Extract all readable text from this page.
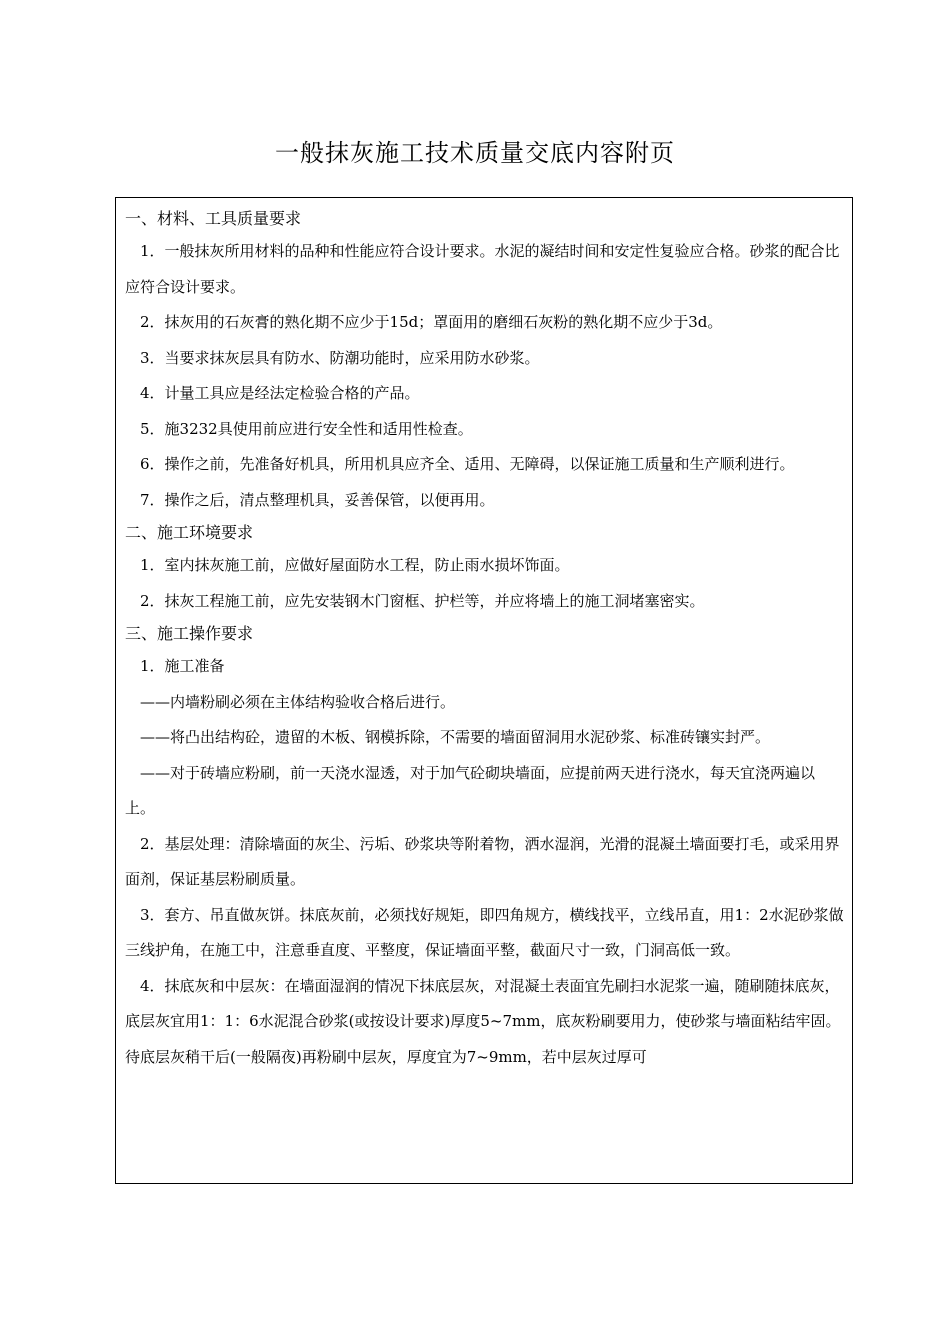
一般抹灰施工技术质量交底内容附页
一、材料、工具质量要求

1．一般抹灰所用材料的品种和性能应符合设计要求。水泥的凝结时间和安定性复验应合格。砂浆的配合比应符合设计要求。

2．抹灰用的石灰膏的熟化期不应少于15d；罩面用的磨细石灰粉的熟化期不应少于3d。

3．当要求抹灰层具有防水、防潮功能时，应采用防水砂浆。

4．计量工具应是经法定检验合格的产品。

5．施3232具使用前应进行安全性和适用性检查。

6．操作之前，先准备好机具，所用机具应齐全、适用、无障碍，以保证施工质量和生产顺利进行。

7．操作之后，清点整理机具，妥善保管，以便再用。

二、施工环境要求

1．室内抹灰施工前，应做好屋面防水工程，防止雨水损坏饰面。

2．抹灰工程施工前，应先安装钢木门窗框、护栏等，并应将墙上的施工洞堵塞密实。

三、施工操作要求

1．施工准备

——内墙粉刷必须在主体结构验收合格后进行。

——将凸出结构砼，遗留的木板、钢模拆除，不需要的墙面留洞用水泥砂浆、标准砖镶实封严。

——对于砖墙应粉刷，前一天浇水湿透，对于加气砼砌块墙面，应提前两天进行浇水，每天宜浇两遍以上。

2．基层处理：清除墙面的灰尘、污垢、砂浆块等附着物，洒水湿润，光滑的混凝土墙面要打毛，或采用界面剂，保证基层粉刷质量。

3．套方、吊直做灰饼。抹底灰前，必须找好规矩，即四角规方，横线找平，立线吊直，用1：2水泥砂浆做三线护角，在施工中，注意垂直度、平整度，保证墙面平整，截面尺寸一致，门洞高低一致。

4．抹底灰和中层灰：在墙面湿润的情况下抹底层灰，对混凝土表面宜先刷扫水泥浆一遍，随刷随抹底灰，底层灰宜用1：1：6水泥混合砂浆(或按设计要求)厚度5~7mm，底灰粉刷要用力，使砂浆与墙面粘结牢固。待底层灰稍干后(一般隔夜)再粉刷中层灰，厚度宜为7~9mm，若中层灰过厚可
